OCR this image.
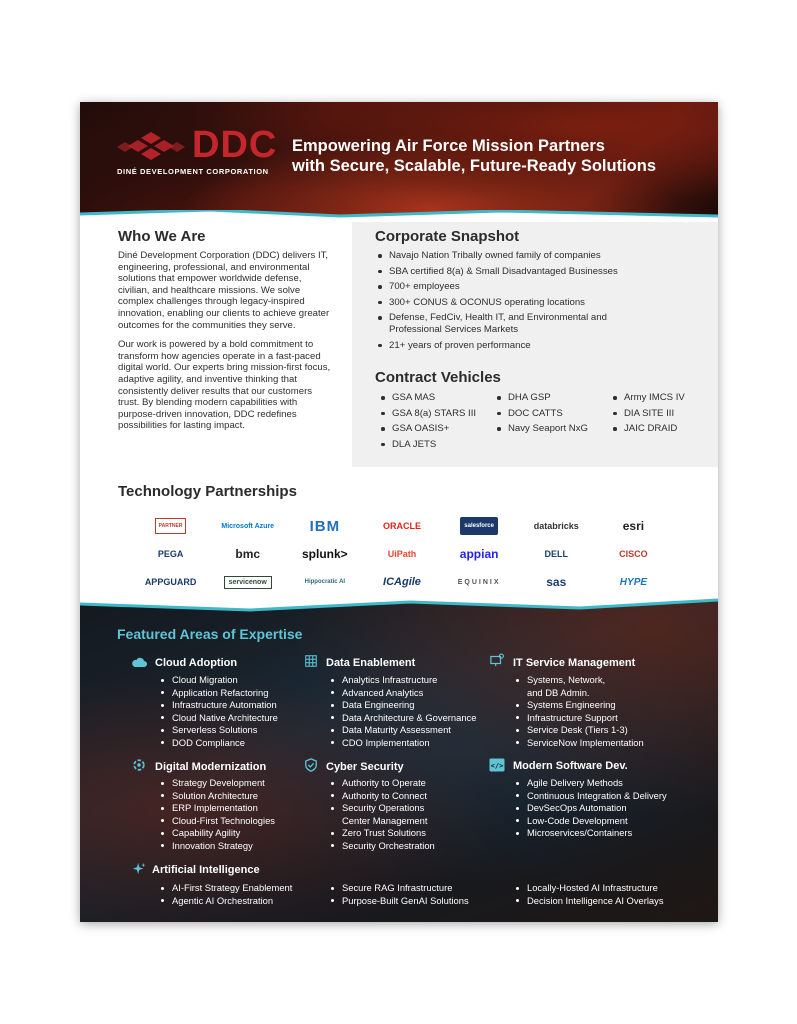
DDC
DINÉ DEVELOPMENT CORPORATION
Empowering Air Force Mission Partners
with Secure, Scalable, Future-Ready Solutions
Who We Are

Diné Development Corporation (DDC) delivers IT, engineering, professional, and environmental solutions that empower worldwide defense, civilian, and healthcare missions. We solve complex challenges through legacy-inspired innovation, enabling our clients to achieve greater outcomes for the communities they serve.

Our work is powered by a bold commitment to transform how agencies operate in a fast-paced digital world. Our experts bring mission-first focus, adaptive agility, and inventive thinking that consistently deliver results that our customers trust. By blending modern capabilities with purpose-driven innovation, DDC redefines possibilities for lasting impact.

Corporate Snapshot
Navajo Nation Tribally owned family of companies
SBA certified 8(a) & Small Disadvantaged Businesses
700+ employees
300+ CONUS & OCONUS operating locations
Defense, FedCiv, Health IT, and Environmental and Professional Services Markets
21+ years of proven performance
Contract Vehicles
GSA MAS
GSA 8(a) STARS III
GSA OASIS+
DLA JETS
DHA GSP
DOC CATTS
Navy Seaport NxG
Army IMCS IV
DIA SITE III
JAIC DRAID
Technology Partnerships
PARTNER	Microsoft Azure IBM	ORACLE	salesforce	databricks	esri
PEGA	bmc	splunk>	UiPath	appian	DELL	CISCO
APPGUARD	servicenow	Hippocratic AI	ICAgile	EQUINIX	sas	HYPE
Featured Areas of Expertise
Cloud Adoption
Cloud Migration
Application Refactoring
Infrastructure Automation
Cloud Native Architecture
Serverless Solutions
DOD Compliance
Data Enablement
Analytics Infrastructure
Advanced Analytics
Data Engineering
Data Architecture & Governance
Data Maturity Assessment
CDO Implementation
IT Service Management
Systems, Network, and DB Admin.
Systems Engineering
Infrastructure Support
Service Desk (Tiers 1-3)
ServiceNow Implementation
Digital Modernization
Strategy Development
Solution Architecture
ERP Implementation
Cloud-First Technologies
Capability Agility
Innovation Strategy
Cyber Security
Authority to Operate
Authority to Connect
Security Operations Center Management
Zero Trust Solutions
Security Orchestration
</> Modern Software Dev.
Agile Delivery Methods
Continuous Integration & Delivery
DevSecOps Automation
Low-Code Development
Microservices/Containers
Artificial Intelligence
AI-First Strategy Enablement
Agentic AI Orchestration
Secure RAG Infrastructure
Purpose-Built GenAI Solutions
Locally-Hosted AI Infrastructure
Decision Intelligence AI Overlays
